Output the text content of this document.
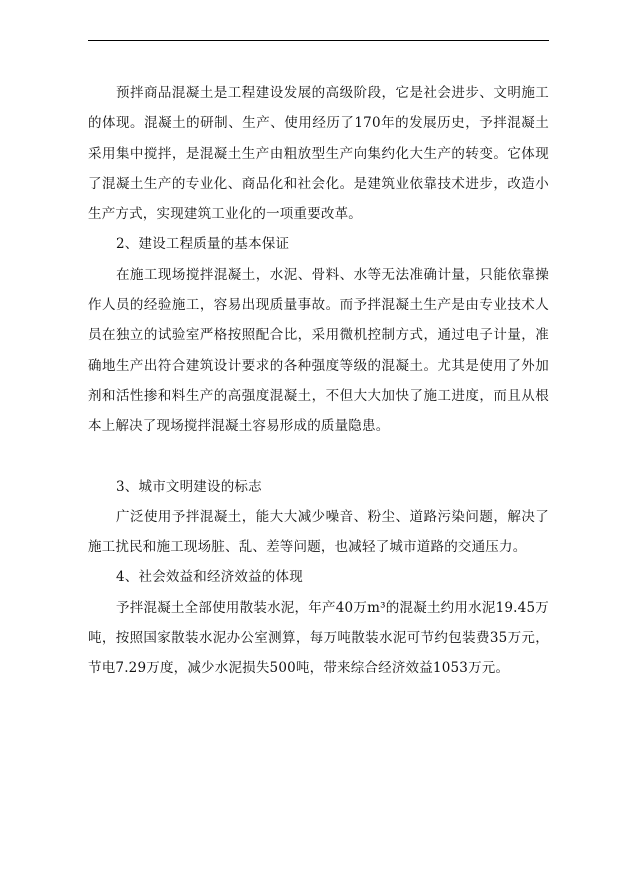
预拌商品混凝土是工程建设发展的高级阶段，它是社会进步、文明施工的体现。混凝土的研制、生产、使用经历了170年的发展历史，予拌混凝土采用集中搅拌，是混凝土生产由粗放型生产向集约化大生产的转变。它体现了混凝土生产的专业化、商品化和社会化。是建筑业依靠技术进步，改造小生产方式，实现建筑工业化的一项重要改革。

2、建设工程质量的基本保证

在施工现场搅拌混凝土，水泥、骨料、水等无法准确计量，只能依靠操作人员的经验施工，容易出现质量事故。而予拌混凝土生产是由专业技术人员在独立的试验室严格按照配合比，采用微机控制方式，通过电子计量，准确地生产出符合建筑设计要求的各种强度等级的混凝土。尤其是使用了外加剂和活性掺和料生产的高强度混凝土，不但大大加快了施工进度，而且从根本上解决了现场搅拌混凝土容易形成的质量隐患。

3、城市文明建设的标志

广泛使用予拌混凝土，能大大减少噪音、粉尘、道路污染问题，解决了施工扰民和施工现场脏、乱、差等问题，也减轻了城市道路的交通压力。

4、社会效益和经济效益的体现

予拌混凝土全部使用散装水泥，年产40万m³的混凝土约用水泥19.45万吨，按照国家散装水泥办公室测算，每万吨散装水泥可节约包装费35万元，节电7.29万度，减少水泥损失500吨，带来综合经济效益1053万元。
